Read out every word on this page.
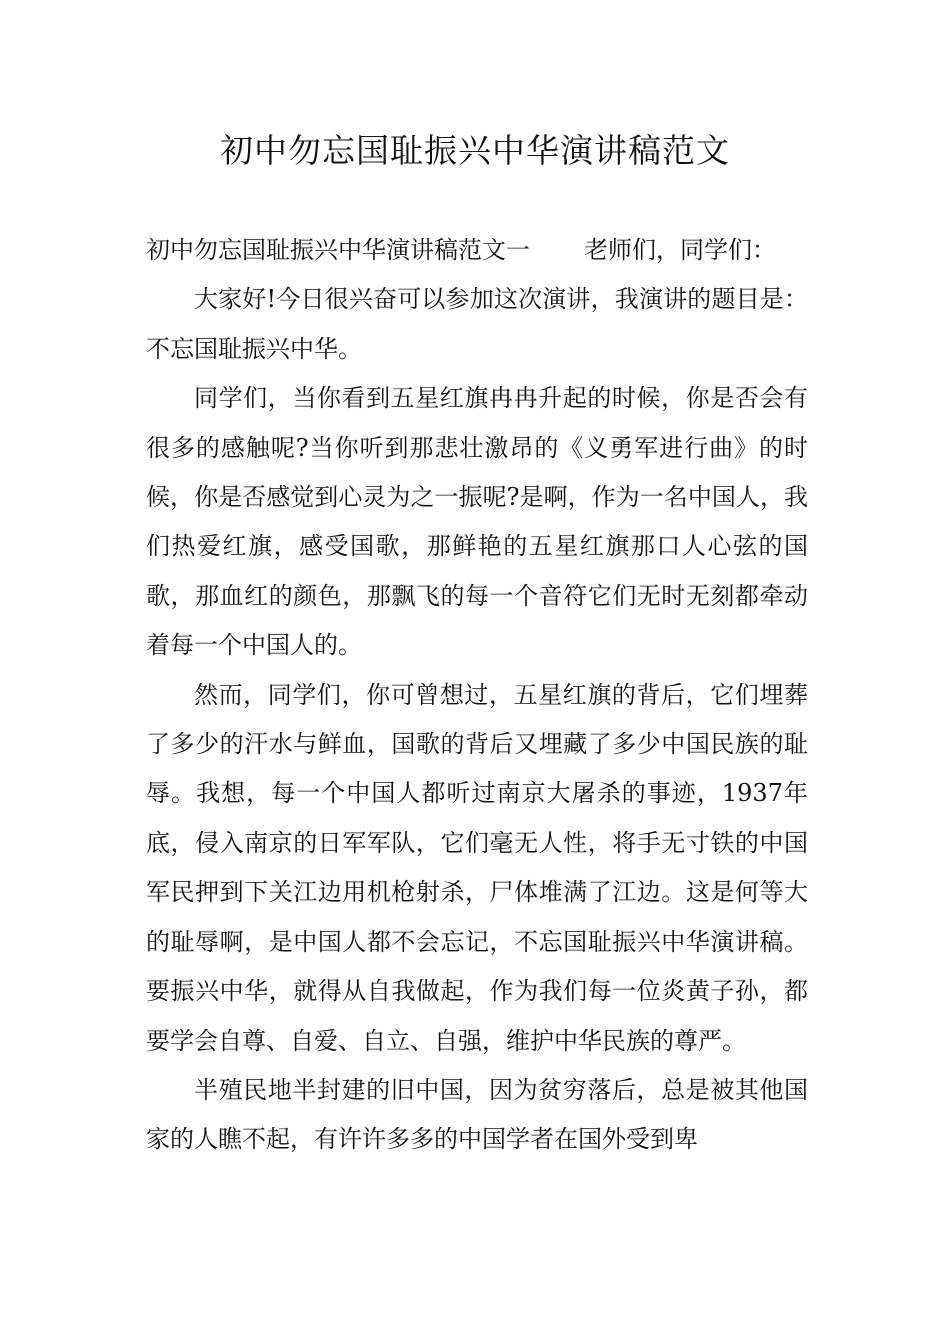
初中勿忘国耻振兴中华演讲稿范文

初中勿忘国耻振兴中华演讲稿范文一 老师们，同学们：

大家好!今日很兴奋可以参加这次演讲，我演讲的题目是：不忘国耻振兴中华。

同学们，当你看到五星红旗冉冉升起的时候，你是否会有很多的感触呢?当你听到那悲壮激昂的《义勇军进行曲》的时候，你是否感觉到心灵为之一振呢?是啊，作为一名中国人，我们热爱红旗，感受国歌，那鲜艳的五星红旗那口人心弦的国歌，那血红的颜色，那飘飞的每一个音符它们无时无刻都牵动着每一个中国人的。

然而，同学们，你可曾想过，五星红旗的背后，它们埋葬了多少的汗水与鲜血，国歌的背后又埋藏了多少中国民族的耻辱。我想，每一个中国人都听过南京大屠杀的事迹，1937年底，侵入南京的日军军队，它们毫无人性，将手无寸铁的中国军民押到下关江边用机枪射杀，尸体堆满了江边。这是何等大的耻辱啊，是中国人都不会忘记，不忘国耻振兴中华演讲稿。要振兴中华，就得从自我做起，作为我们每一位炎黄子孙，都要学会自尊、自爱、自立、自强，维护中华民族的尊严。

半殖民地半封建的旧中国，因为贫穷落后，总是被其他国家的人瞧不起，有许许多多的中国学者在国外受到卑
